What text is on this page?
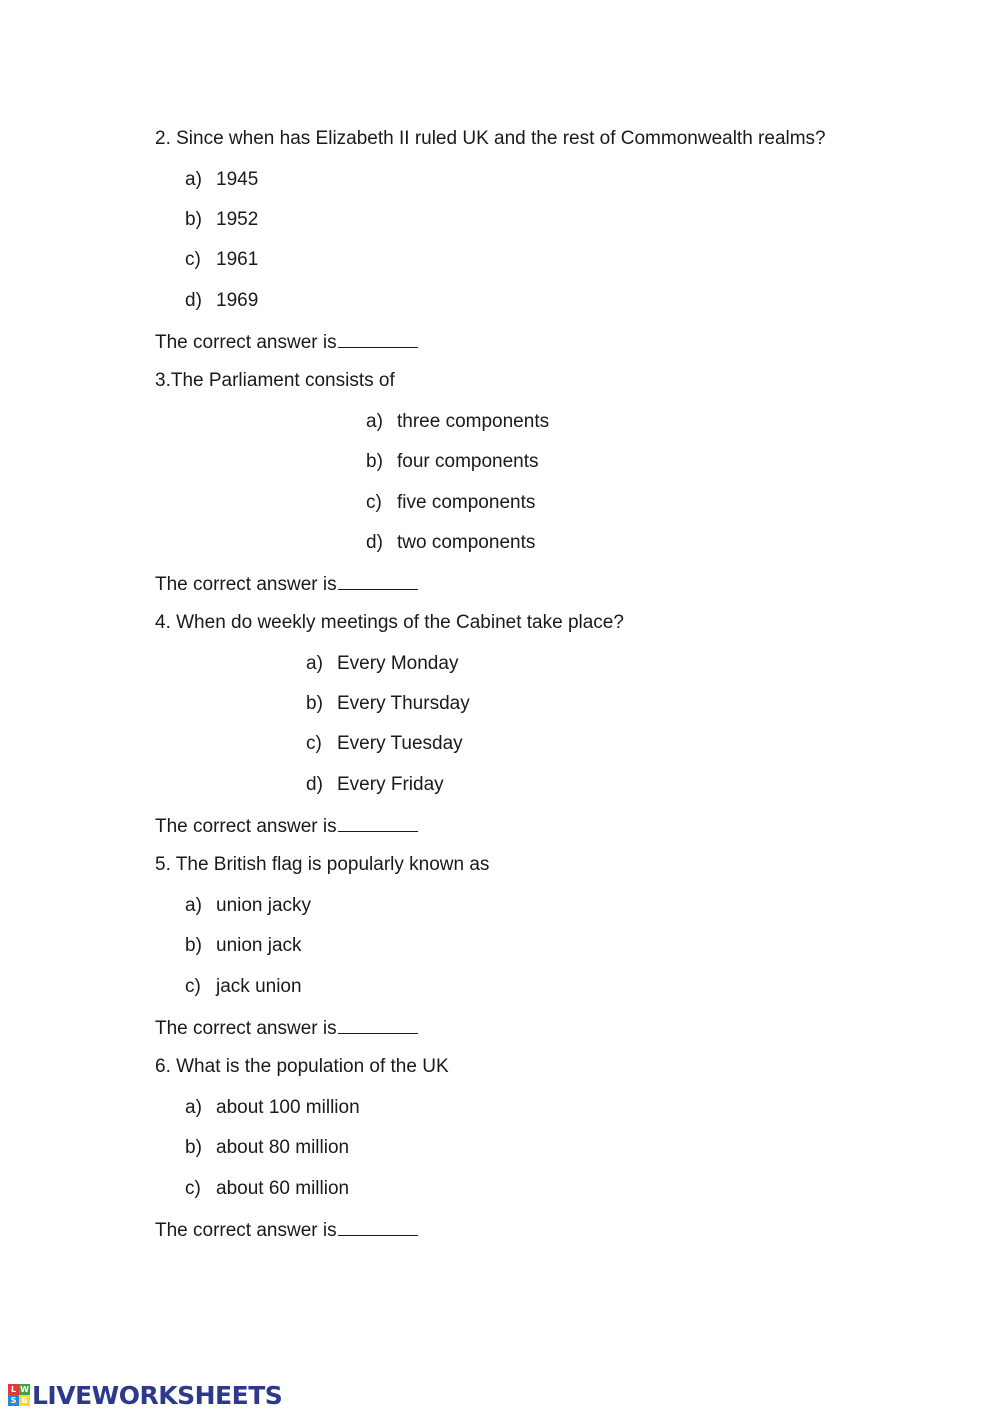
2. Since when has Elizabeth II ruled UK and the rest of Commonwealth realms?
a) 1945
b) 1952
c) 1961
d) 1969
The correct answer is
3.The Parliament consists of
a) three components
b) four components
c) five components
d) two components
The correct answer is
4. When do weekly meetings of the Cabinet take place?
a) Every Monday
b) Every Thursday
c) Every Tuesday
d) Every Friday
The correct answer is
5. The British flag is popularly known as
a) union jacky
b) union jack
c) jack union
The correct answer is
6. What is the population of the UK
a) about 100 million
b) about 80 million
c) about 60 million
The correct answer is
L W
S B LIVEWORKSHEETS
